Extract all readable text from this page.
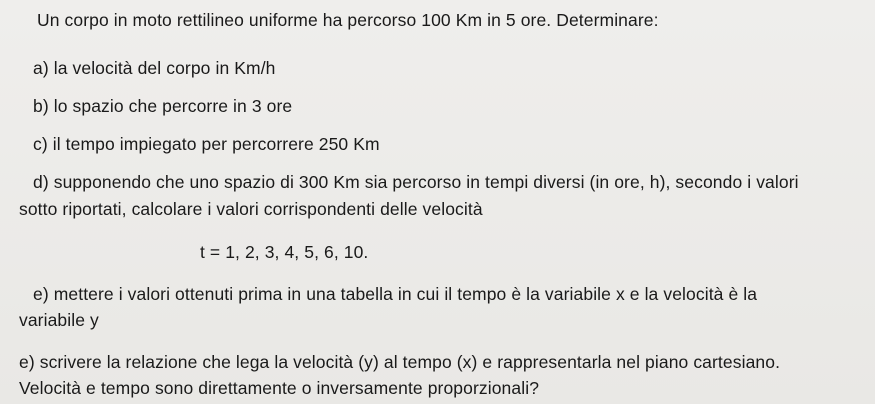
Un corpo in moto rettilineo uniforme ha percorso 100 Km in 5 ore. Determinare:
a) la velocità del corpo in Km/h
b) lo spazio che percorre in 3 ore
c) il tempo impiegato per percorrere 250 Km
d) supponendo che uno spazio di 300 Km sia percorso in tempi diversi (in ore, h), secondo i valori
sotto riportati, calcolare i valori corrispondenti delle velocità
t = 1, 2, 3, 4, 5, 6, 10.
e) mettere i valori ottenuti prima in una tabella in cui il tempo è la variabile x e la velocità è la
variabile y
e) scrivere la relazione che lega la velocità (y) al tempo (x) e rappresentarla nel piano cartesiano.
Velocità e tempo sono direttamente o inversamente proporzionali?
